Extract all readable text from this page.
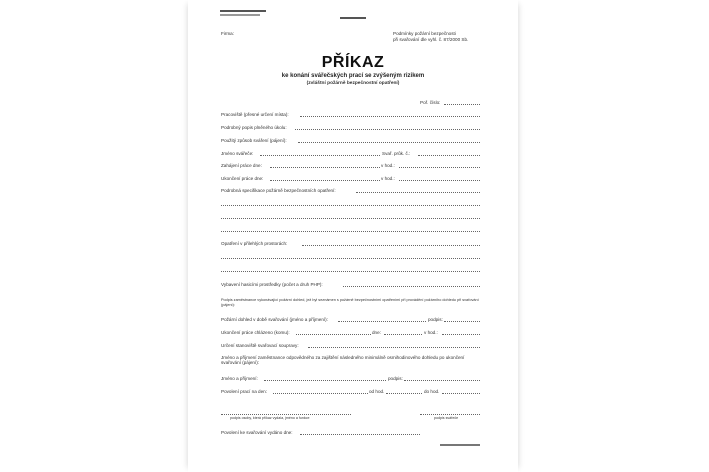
Firma:	Podmínky požární bezpečnosti
při svařování dle vyhl. č. 87/2000 Sb.
PŘÍKAZ
ke konání svářečských prací se zvýšeným rizikem
(zvláštní požárně bezpečnostní opatření)
Poř. číslo:
Pracoviště (přesné určení místa):
Podrobný popis plněného úkolu:
Použitý způsob sváření (pájení):
Jméno svářeče:	Svař. průk. č.:
Zahájení práce dne:	v hod.:
Ukončení práce dne:	v hod.:
Podrobná specifikace požárně bezpečnostních opatření:
Opatření v přilehlých prostorách:
Vybavení hasicími prostředky (počet a druh PHP):
Podpis zaměstnance vykonávající požární dohled, jež byl seznámen s požárně bezpečnostními opatřeními při provádění požárního dohledu při svařování (pájení):
Požární dohled v době svařování (jméno a příjmení):	podpis:
Ukončení práce chlázeno (komu):	dne:	v hod.:
Určení stanoviště svařovací soupravy:
Jméno a příjmení zaměstnance odpovědného za zajištění následného minimálně osmihodinového dohledu po ukončení svařování (pájení):
Jméno a příjmení:	podpis:
Povolení prací na den:	od hod.	do hod.
podpis osoby, která příkaz vydala, jméno a funkce	podpis svářeče
Povolení ke svařování vydáno dne:
